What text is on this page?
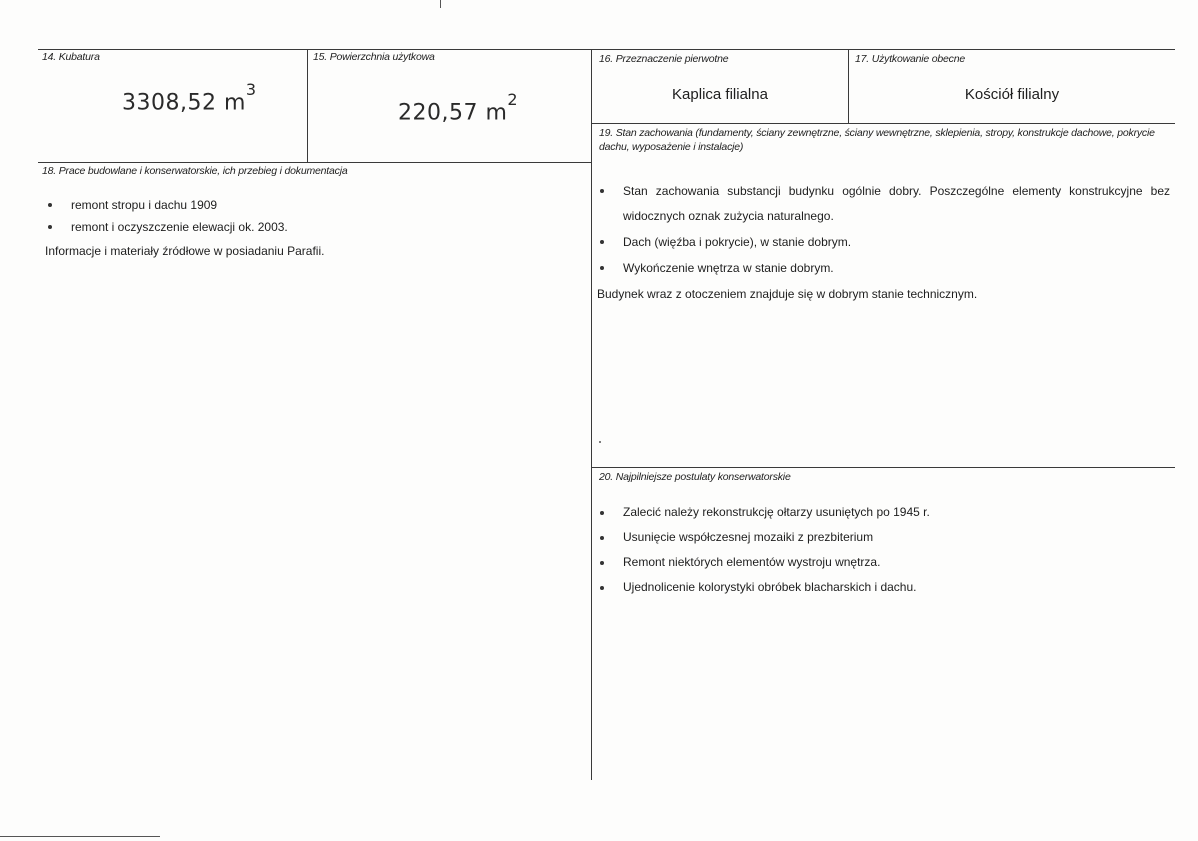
14. Kubatura
3308,52 $m^3$
15. Powierzchnia użytkowa
220,57 $m^2$
16. Przeznaczenie pierwotne
Kaplica filialna
17. Użytkowanie obecne
Kościół filialny
18. Prace budowlane i konserwatorskie, ich przebieg i dokumentacja
remont stropu i dachu 1909
remont i oczyszczenie elewacji ok. 2003.
Informacje i materiały źródłowe w posiadaniu Parafii.
19. Stan zachowania (fundamenty, ściany zewnętrzne, ściany wewnętrzne, sklepienia, stropy, konstrukcje dachowe, pokrycie dachu, wyposażenie i instalacje)
Stan zachowania substancji budynku ogólnie dobry. Poszczególne elementy konstrukcyjne bez
widocznych oznak zużycia naturalnego.
Dach (więźba i pokrycie), w stanie dobrym.
Wykończenie wnętrza w stanie dobrym.
Budynek wraz z otoczeniem znajduje się w dobrym stanie technicznym.
20. Najpilniejsze postulaty konserwatorskie
Zalecić należy rekonstrukcję ołtarzy usuniętych po 1945 r.
Usunięcie współczesnej mozaiki z prezbiterium
Remont niektórych elementów wystroju wnętrza.
Ujednolicenie kolorystyki obróbek blacharskich i dachu.
